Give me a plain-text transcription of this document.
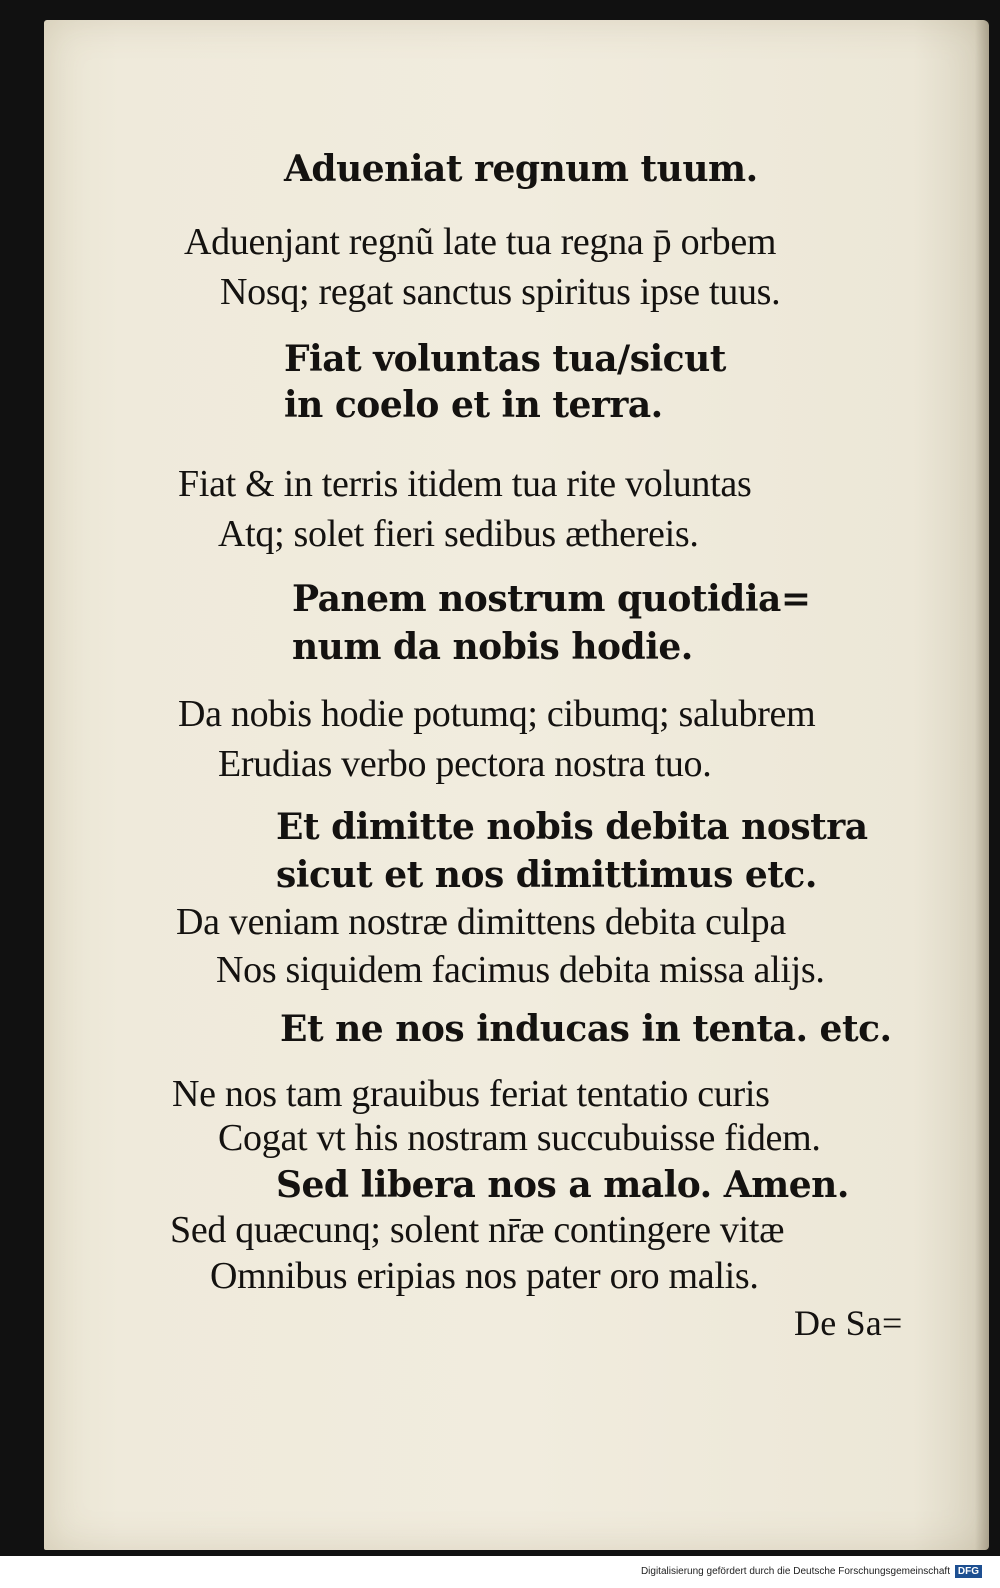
Adueniat regnum tuum.
Aduenjant regnũ late tua regna p̄ orbem
Nosq; regat sanctus spiritus ipse tuus.
Fiat voluntas tua/sicut
in coelo et in terra.
Fiat & in terris itidem tua rite voluntas
Atq; solet fieri sedibus æthereis.
Panem nostrum quotidia=
num da nobis hodie.
Da nobis hodie potumq; cibumq; salubrem
Erudias verbo pectora nostra tuo.
Et dimitte nobis debita nostra
sicut et nos dimittimus etc.
Da veniam nostræ dimittens debita culpa
Nos siquidem facimus debita missa alijs.
Et ne nos inducas in tenta. etc.
Ne nos tam grauibus feriat tentatio curis
Cogat vt his nostram succubuisse fidem.
Sed libera nos a malo. Amen.
Sed quæcunq; solent nr̄æ contingere vitæ
Omnibus eripias nos pater oro malis.
De Sa=
Digitalisierung gefördert durch die Deutsche Forschungsgemeinschaft DFG
